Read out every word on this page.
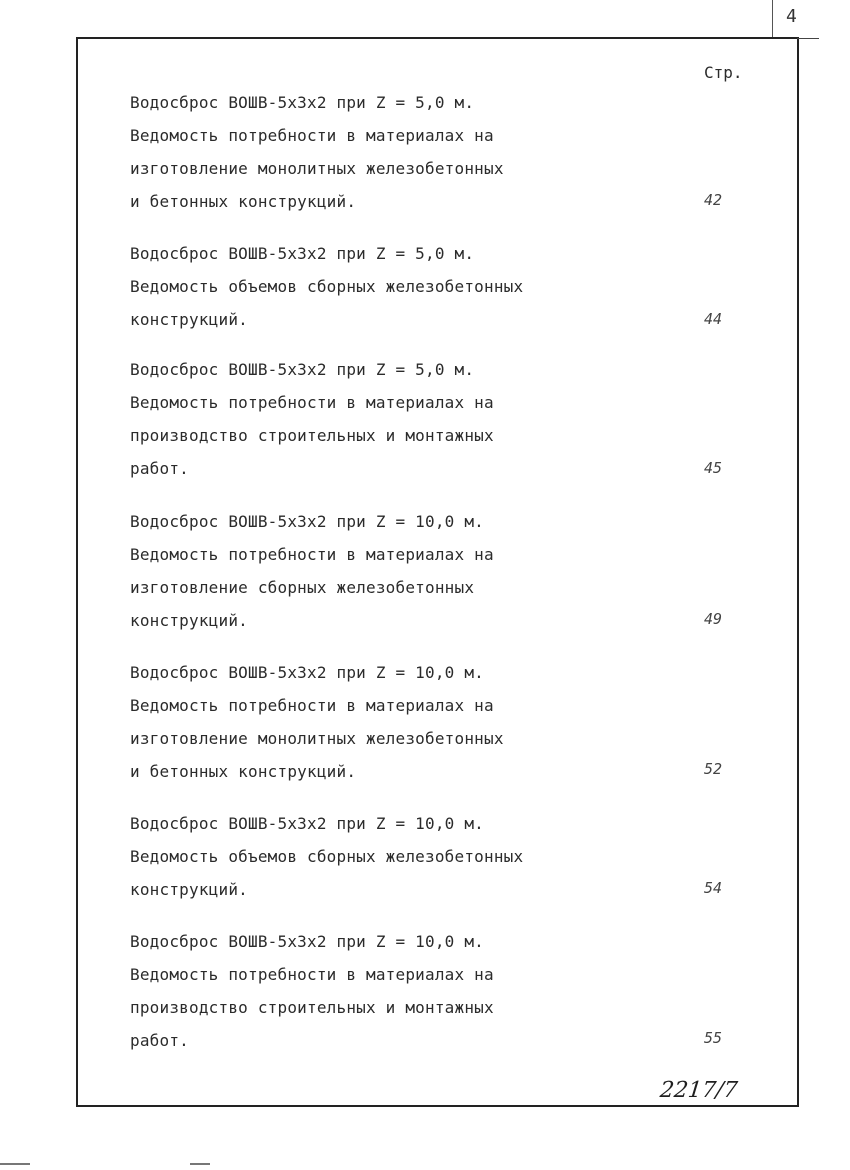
4
Стр.
Водосброс ВОШВ-5х3х2 при Z = 5,0 м.
Ведомость потребности в материалах на
изготовление монолитных железобетонных
и бетонных конструкций.	42
Водосброс ВОШВ-5х3х2 при Z = 5,0 м.
Ведомость объемов сборных железобетонных
конструкций.	44
Водосброс ВОШВ-5х3х2 при Z = 5,0 м.
Ведомость потребности в материалах на
производство строительных и монтажных
работ.	45
Водосброс ВОШВ-5х3х2 при Z = 10,0 м.
Ведомость потребности в материалах на
изготовление сборных железобетонных
конструкций.	49
Водосброс ВОШВ-5х3х2 при Z = 10,0 м.
Ведомость потребности в материалах на
изготовление монолитных железобетонных
и бетонных конструкций.	52
Водосброс ВОШВ-5х3х2 при Z = 10,0 м.
Ведомость объемов сборных железобетонных
конструкций.	54
Водосброс ВОШВ-5х3х2 при Z = 10,0 м.
Ведомость потребности в материалах на
производство строительных и монтажных
работ.	55
2217/7
